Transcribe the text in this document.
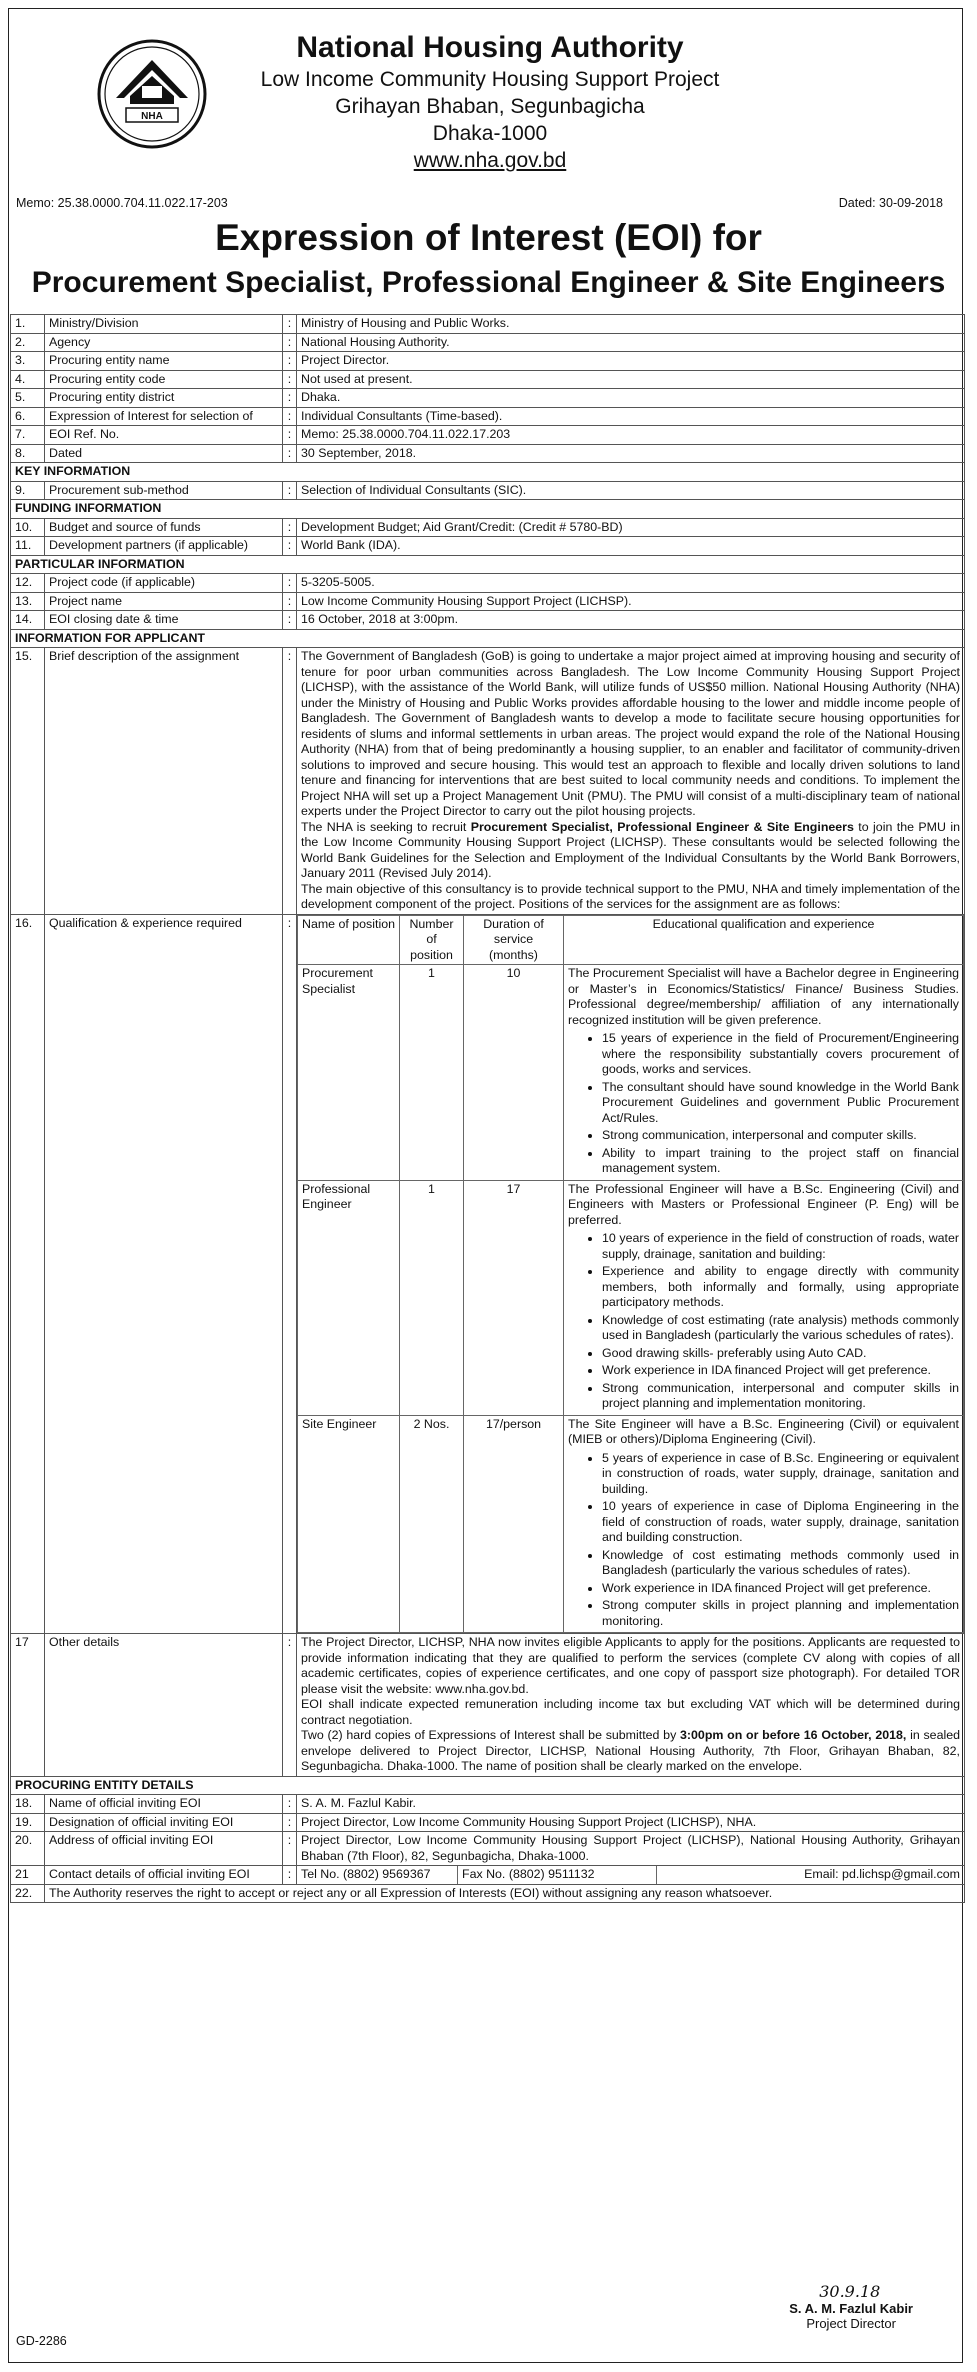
NHA
National Housing Authority
Low Income Community Housing Support Project
Grihayan Bhaban, Segunbagicha
Dhaka-1000
www.nha.gov.bd
Memo: 25.38.0000.704.11.022.17-203	Dated: 30-09-2018
Expression of Interest (EOI) for
Procurement Specialist, Professional Engineer & Site Engineers
1.	Ministry/Division	:	Ministry of Housing and Public Works.
2.	Agency	:	National Housing Authority.
3.	Procuring entity name	:	Project Director.
4.	Procuring entity code	:	Not used at present.
5.	Procuring entity district	:	Dhaka.
6.	Expression of Interest for selection of	:	Individual Consultants (Time-based).
7.	EOI Ref. No.	:	Memo: 25.38.0000.704.11.022.17.203
8.	Dated	:	30 September, 2018.
KEY INFORMATION
9.	Procurement sub-method	:	Selection of Individual Consultants (SIC).
FUNDING INFORMATION
10.	Budget and source of funds	:	Development Budget; Aid Grant/Credit: (Credit # 5780-BD)
11.	Development partners (if applicable)	:	World Bank (IDA).
PARTICULAR INFORMATION
12.	Project code (if applicable)	:	5-3205-5005.
13.	Project name	:	Low Income Community Housing Support Project (LICHSP).
14.	EOI closing date & time	:	16 October, 2018 at 3:00pm.
INFORMATION FOR APPLICANT
15.	Brief description of the assignment	:	The Government of Bangladesh (GoB) is going to undertake a major project aimed at improving housing and security of tenure for poor urban communities across Bangladesh. The Low Income Community Housing Support Project (LICHSP), with the assistance of the World Bank, will utilize funds of US$50 million. National Housing Authority (NHA) under the Ministry of Housing and Public Works provides affordable housing to the lower and middle income people of Bangladesh. The Government of Bangladesh wants to develop a mode to facilitate secure housing opportunities for residents of slums and informal settlements in urban areas. The project would expand the role of the National Housing Authority (NHA) from that of being predominantly a housing supplier, to an enabler and facilitator of community-driven solutions to improved and secure housing. This would test an approach to flexible and locally driven solutions to land tenure and financing for interventions that are best suited to local community needs and conditions. To implement the Project NHA will set up a Project Management Unit (PMU). The PMU will consist of a multi-disciplinary team of national experts under the Project Director to carry out the pilot housing projects.
The NHA is seeking to recruit Procurement Specialist, Professional Engineer & Site Engineers to join the PMU in the Low Income Community Housing Support Project (LICHSP). These consultants would be selected following the World Bank Guidelines for the Selection and Employment of the Individual Consultants by the World Bank Borrowers, January 2011 (Revised July 2014).
The main objective of this consultancy is to provide technical support to the PMU, NHA and timely implementation of the development component of the project. Positions of the services for the assignment are as follows:

16.	Qualification & experience required	:	Name of position	Number of position	Duration of service (months)	Educational qualification and experience
Procurement Specialist	1	10	The Procurement Specialist will have a Bachelor degree in Engineering or Master’s in Economics/Statistics/ Finance/ Business Studies. Professional degree/membership/ affiliation of any internationally recognized institution will be given preference.
• 15 years of experience in the field of Procurement/Engineering where the responsibility substantially covers procurement of goods, works and services.
• The consultant should have sound knowledge in the World Bank Procurement Guidelines and government Public Procurement Act/Rules.
• Strong communication, interpersonal and computer skills.
• Ability to impart training to the project staff on financial management system.

Professional Engineer	1	17	The Professional Engineer will have a B.Sc. Engineering (Civil) and Engineers with Masters or Professional Engineer (P. Eng) will be preferred.
• 10 years of experience in the field of construction of roads, water supply, drainage, sanitation and building:
• Experience and ability to engage directly with community members, both informally and formally, using appropriate participatory methods.
• Knowledge of cost estimating (rate analysis) methods commonly used in Bangladesh (particularly the various schedules of rates).
• Good drawing skills- preferably using Auto CAD.
• Work experience in IDA financed Project will get preference.
• Strong communication, interpersonal and computer skills in project planning and implementation monitoring.

Site Engineer	2 Nos.	17/person	The Site Engineer will have a B.Sc. Engineering (Civil) or equivalent (MIEB or others)/Diploma Engineering (Civil).
• 5 years of experience in case of B.Sc. Engineering or equivalent in construction of roads, water supply, drainage, sanitation and building.
• 10 years of experience in case of Diploma Engineering in the field of construction of roads, water supply, drainage, sanitation and building construction.
• Knowledge of cost estimating methods commonly used in Bangladesh (particularly the various schedules of rates).
• Work experience in IDA financed Project will get preference.
• Strong computer skills in project planning and implementation monitoring.

17	Other details	:	The Project Director, LICHSP, NHA now invites eligible Applicants to apply for the positions. Applicants are requested to provide information indicating that they are qualified to perform the services (complete CV along with copies of all academic certificates, copies of experience certificates, and one copy of passport size photograph). For detailed TOR please visit the website: www.nha.gov.bd.
EOI shall indicate expected remuneration including income tax but excluding VAT which will be determined during contract negotiation.
Two (2) hard copies of Expressions of Interest shall be submitted by 3:00pm on or before 16 October, 2018, in sealed envelope delivered to Project Director, LICHSP, National Housing Authority, 7th Floor, Grihayan Bhaban, 82, Segunbagicha. Dhaka-1000. The name of position shall be clearly marked on the envelope.

PROCURING ENTITY DETAILS
18.	Name of official inviting EOI	:	S. A. M. Fazlul Kabir.
19.	Designation of official inviting EOI	:	Project Director, Low Income Community Housing Support Project (LICHSP), NHA.
20.	Address of official inviting EOI	:	Project Director, Low Income Community Housing Support Project (LICHSP), National Housing Authority, Grihayan Bhaban (7th Floor), 82, Segunbagicha, Dhaka-1000.
21	Contact details of official inviting EOI	:	Tel No. (8802) 9569367	Fax No. (8802) 9511132	Email: pd.lichsp@gmail.com

22.	The Authority reserves the right to accept or reject any or all Expression of Interests (EOI) without assigning any reason whatsoever.
30.9.18
S. A. M. Fazlul Kabir
Project Director
GD-2286
